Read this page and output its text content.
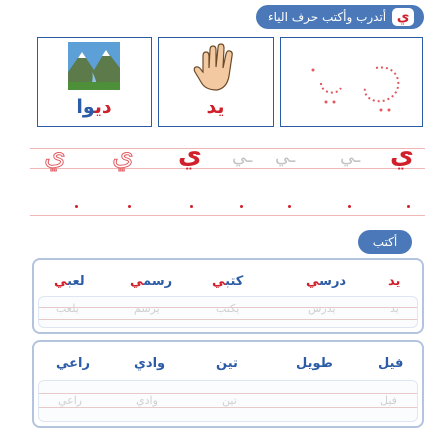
ي
أتدرب وأكتب حرف الياء
يد
ديوا
ي
ـي
ـي
ـي
ي
ي
ي
أكتب
يد
درسي
كتبي
رسمي
لعبي
يد
يدرس
يكتب
يرسم
يلعب
فيل
طويل
تين
وادي
راعي
فيل
تين
وادي
راعي
